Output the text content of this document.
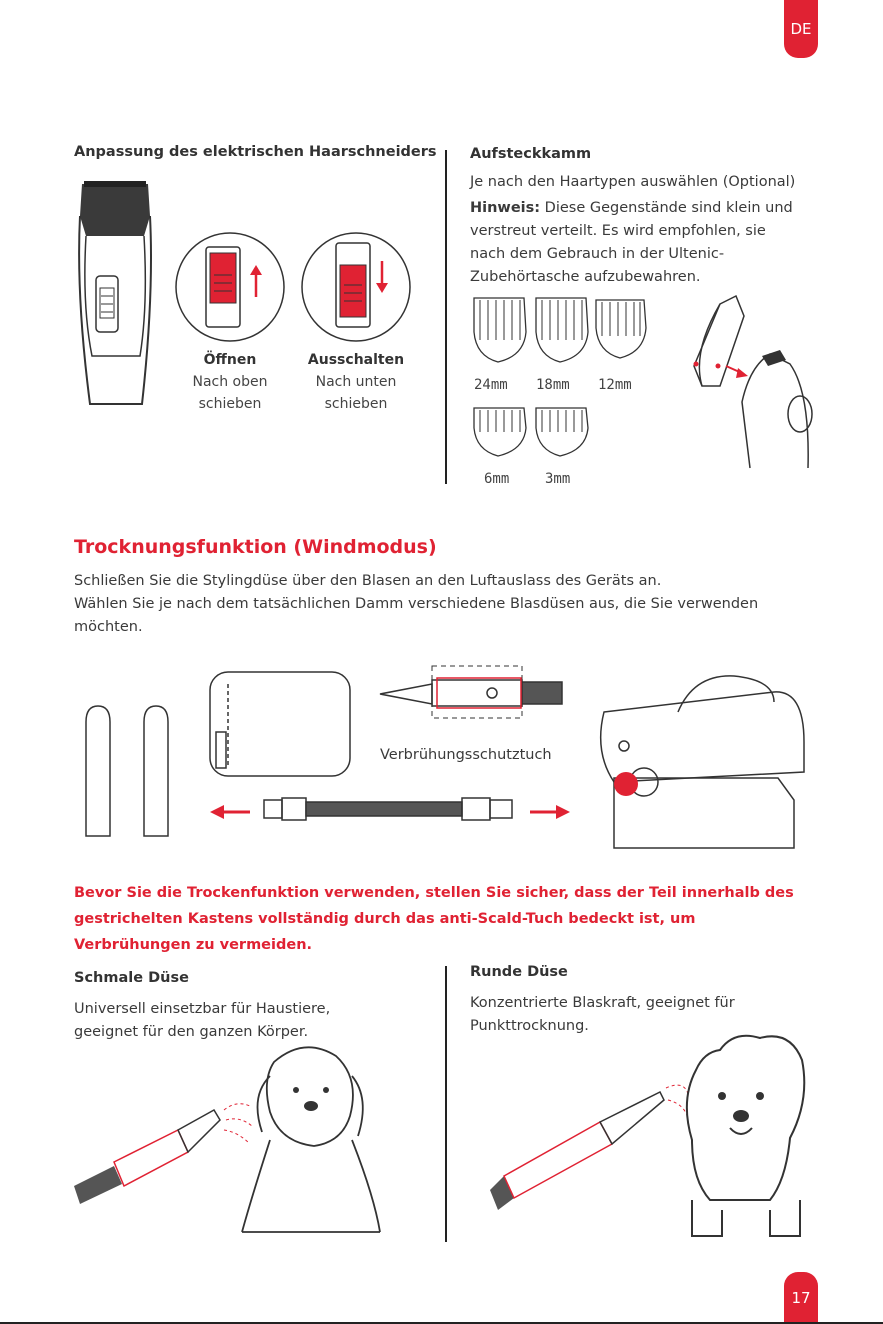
DE
17
Anpassung des elektrischen Haarschneiders
Öffnen
Nach oben schieben
Ausschalten
Nach unten schieben
Aufsteckkamm
Je nach den Haartypen auswählen (Optional)
Hinweis: Diese Gegenstände sind klein und verstreut verteilt. Es wird empfohlen, sie nach dem Gebrauch in der Ultenic-Zubehörtasche aufzubewahren.
24mm 18mm 12mm
6mm	3mm
Trocknungsfunktion (Windmodus)
Schließen Sie die Stylingdüse über den Blasen an den Luftauslass des Geräts an.
Wählen Sie je nach dem tatsächlichen Damm verschiedene Blasdüsen aus, die Sie verwenden möchten.
Verbrühungsschutztuch
Bevor Sie die Trockenfunktion verwenden, stellen Sie sicher, dass der Teil innerhalb des gestrichelten Kastens vollständig durch das anti-Scald-Tuch bedeckt ist, um Verbrühungen zu vermeiden.
Schmale Düse
Universell einsetzbar für Haustiere, geeignet für den ganzen Körper.
Runde Düse
Konzentrierte Blaskraft, geeignet für Punkttrocknung.
